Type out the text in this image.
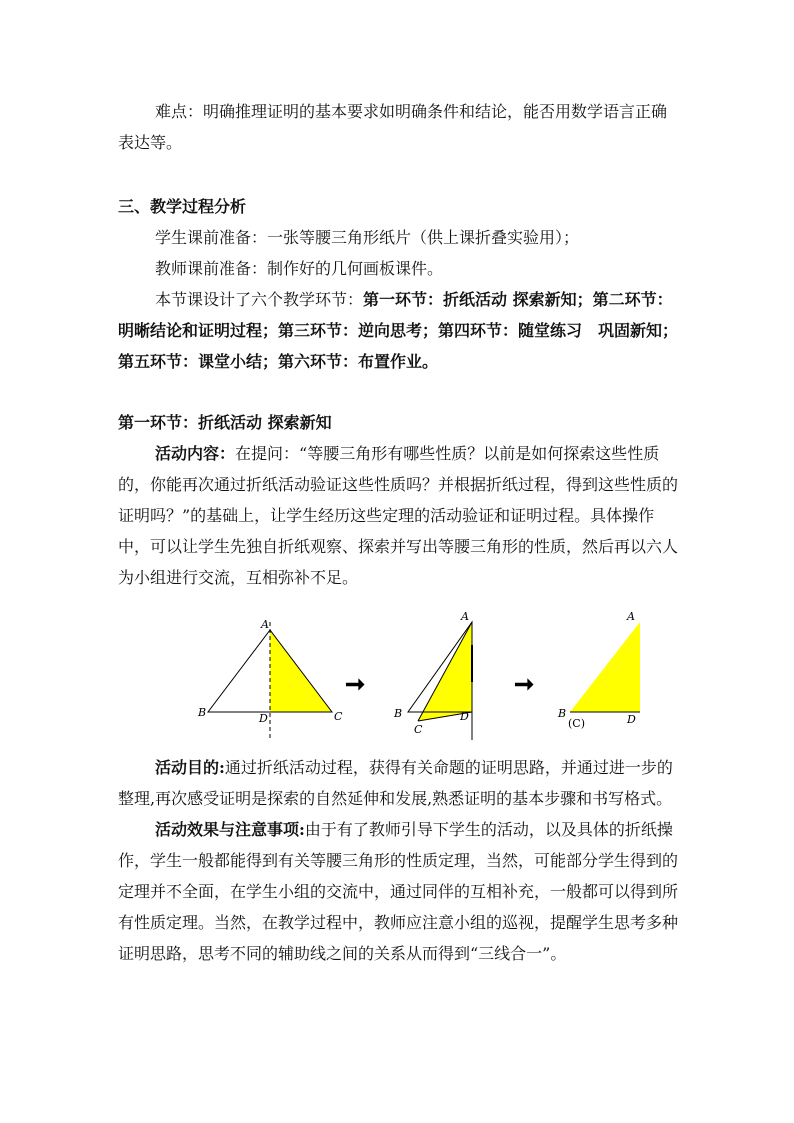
难点：明确推理证明的基本要求如明确条件和结论，能否用数学语言正确表达等。
三、教学过程分析
学生课前准备：一张等腰三角形纸片（供上课折叠实验用）；
教师课前准备：制作好的几何画板课件。
本节课设计了六个教学环节：第一环节：折纸活动 探索新知；第二环节：明晰结论和证明过程；第三环节：逆向思考；第四环节：随堂练习　巩固新知；第五环节：课堂小结；第六环节：布置作业。
第一环节：折纸活动 探索新知
活动内容：在提问：“等腰三角形有哪些性质？以前是如何探索这些性质的，你能再次通过折纸活动验证这些性质吗？并根据折纸过程，得到这些性质的证明吗？”的基础上，让学生经历这些定理的活动验证和证明过程。具体操作中，可以让学生先独自折纸观察、探索并写出等腰三角形的性质，然后再以六人为小组进行交流，互相弥补不足。
A
B	C
D
➞
A
B
C
D
➞
A
B
(C)	D
活动目的:通过折纸活动过程，获得有关命题的证明思路，并通过进一步的整理,再次感受证明是探索的自然延伸和发展,熟悉证明的基本步骤和书写格式。
活动效果与注意事项:由于有了教师引导下学生的活动，以及具体的折纸操作，学生一般都能得到有关等腰三角形的性质定理，当然，可能部分学生得到的定理并不全面，在学生小组的交流中，通过同伴的互相补充，一般都可以得到所有性质定理。当然，在教学过程中，教师应注意小组的巡视，提醒学生思考多种证明思路，思考不同的辅助线之间的关系从而得到“三线合一”。
